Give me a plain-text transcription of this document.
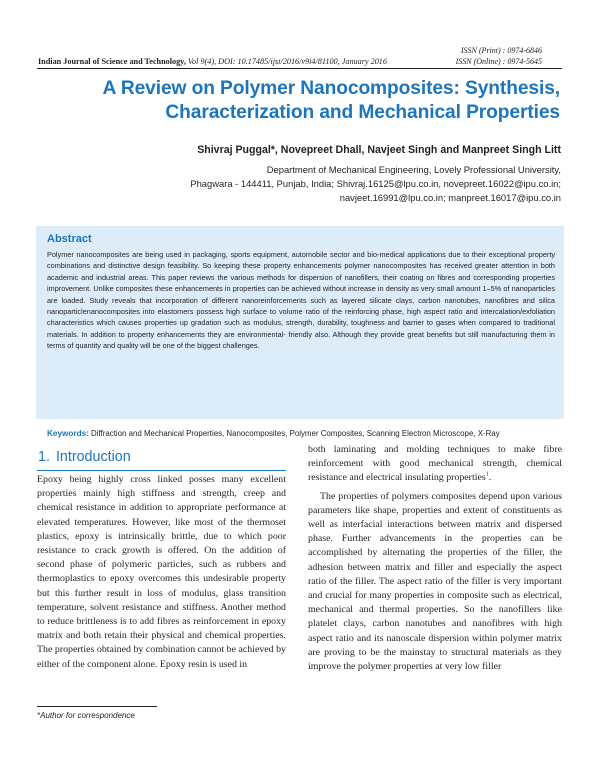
ISSN (Print) : 0974-6846
ISSN (Online) : 0974-5645
Indian Journal of Science and Technology, Vol 9(4), DOI: 10.17485/ijst/2016/v9i4/81100, January 2016
A Review on Polymer Nanocomposites: Synthesis,
Characterization and Mechanical Properties
Shivraj Puggal*, Novepreet Dhall, Navjeet Singh and Manpreet Singh Litt
Department of Mechanical Engineering, Lovely Professional University,
Phagwara - 144411, Punjab, India; Shivraj.16125@lpu.co.in, novepreet.16022@ipu.co.in;
navjeet.16991@lpu.co.in; manpreet.16017@ipu.co.in
Abstract

Polymer nanocomposites are being used in packaging, sports equipment, automobile sector and bio-medical applications due to their exceptional property combinations and distinctive design feasibility. So keeping these property enhancements polymer nanocomposites has received greater attention in both academic and industrial areas. This paper reviews the various methods for dispersion of nanofillers, their coating on fibres and corresponding properties improvement. Unlike composites these enhancements in properties can be achieved without increase in density as very small amount 1–5% of nanoparticles are loaded. Study reveals that incorporation of different nanoreinforcements such as layered silicate clays, carbon nanotubes, nanofibres and silica nanoparticlenanocomposites into elastomers possess high surface to volume ratio of the reinforcing phase, high aspect ratio and intercalation/exfoliation characteristics which causes properties up gradation such as modulus, strength, durability, toughness and barrier to gases when compared to traditional materials. In addition to property enhancements they are environmental- friendly also. Although they provide great benefits but still manufacturing them in terms of quantity and quality will be one of the biggest challenges.

Keywords: Diffraction and Mechanical Properties, Nanocomposites, Polymer Composites, Scanning Electron Microscope, X-Ray
1. Introduction

Epoxy being highly cross linked posses many excellent properties mainly high stiffness and strength, creep and chemical resistance in addition to appropriate performance at elevated temperatures. However, like most of the thermoset plastics, epoxy is intrinsically brittle, due to which poor resistance to crack growth is offered. On the addition of second phase of polymeric particles, such as rubbers and thermoplastics to epoxy overcomes this undesirable property but this further result in loss of modulus, glass transition temperature, solvent resistance and stiffness. Another method to reduce brittleness is to add fibres as reinforcement in epoxy matrix and both retain their physical and chemical properties. The properties obtained by combination cannot be achieved by either of the component alone. Epoxy resin is used in

both laminating and molding techniques to make fibre reinforcement with good mechanical strength, chemical resistance and electrical insulating properties$^1$.

The properties of polymers composites depend upon various parameters like shape, properties and extent of constituents as well as interfacial interactions between matrix and dispersed phase. Further advancements in the properties can be accomplished by alternating the properties of the filler, the adhesion between matrix and filler and especially the aspect ratio of the filler. The aspect ratio of the filler is very important and crucial for many properties in composite such as electrical, mechanical and thermal properties. So the nanofillers like platelet clays, carbon nanotubes and nanofibres with high aspect ratio and its nanoscale dispersion within polymer matrix are proving to be the mainstay to structural materials as they improve the polymer properties at very low filler

*Author for correspondence
